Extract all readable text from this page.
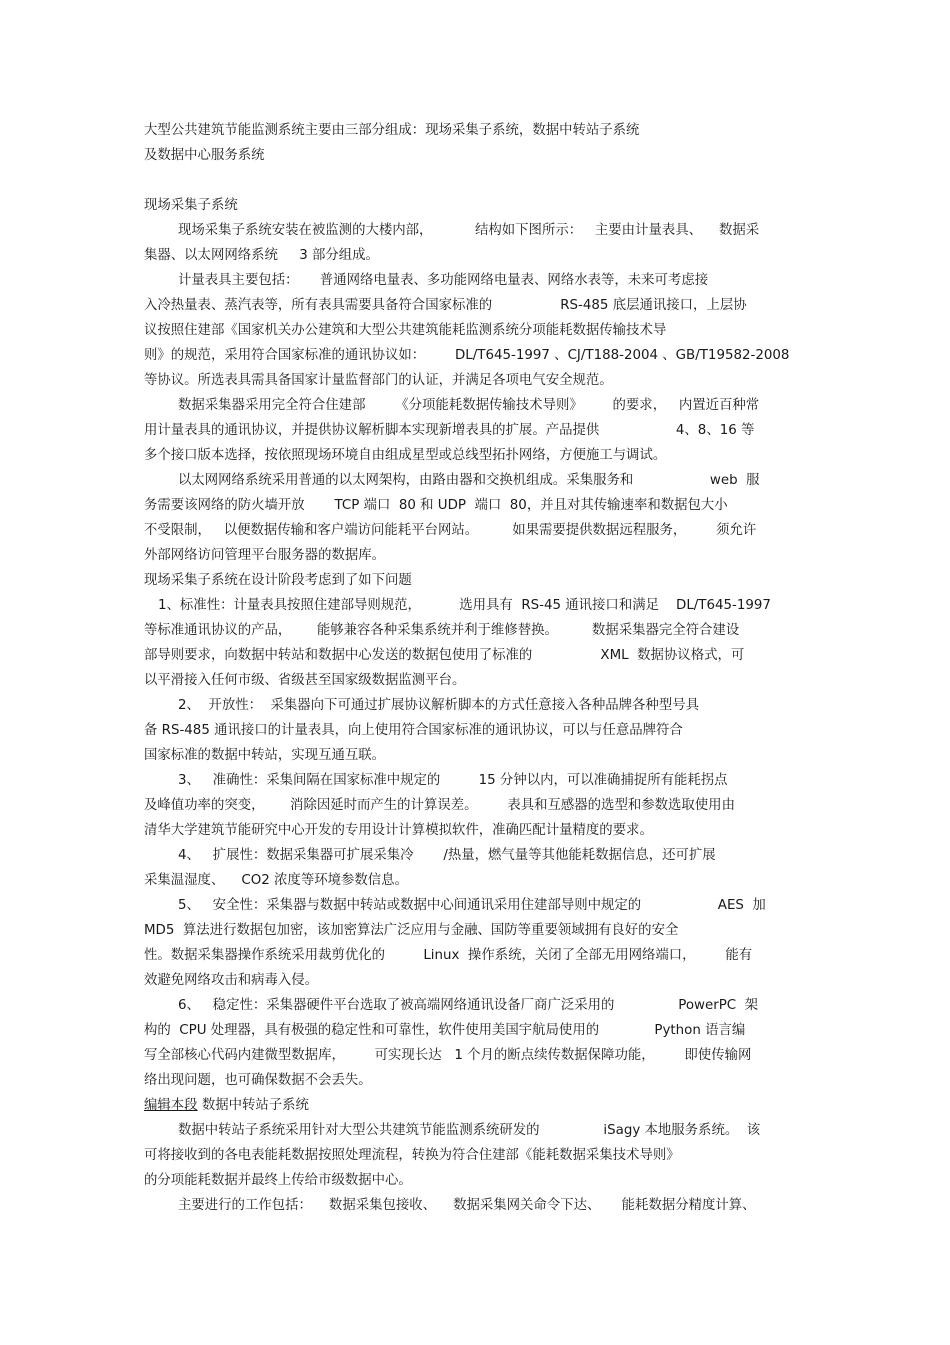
大型公共建筑节能监测系统主要由三部分组成：现场采集子系统，数据中转站子系统
及数据中心服务系统
现场采集子系统
现场采集子系统安装在被监测的大楼内部，          结构如下图所示：   主要由计量表具、    数据采
集器、以太网网络系统     3 部分组成。
计量表具主要包括：     普通网络电量表、多功能网络电量表、网络水表等，未来可考虑接
入冷热量表、蒸汽表等，所有表具需要具备符合国家标准的                RS-485 底层通讯接口，上层协
议按照住建部《国家机关办公建筑和大型公共建筑能耗监测系统分项能耗数据传输技术导
则》的规范，采用符合国家标准的通讯协议如：       DL/T645-1997 、CJ/T188-2004 、GB/T19582-2008
等协议。所选表具需具备国家计量监督部门的认证，并满足各项电气安全规范。
数据采集器采用完全符合住建部       《分项能耗数据传输技术导则》       的要求，   内置近百种常
用计量表具的通讯协议，并提供协议解析脚本实现新增表具的扩展。产品提供                  4、8、16 等
多个接口版本选择，按依照现场环境自由组成星型或总线型拓扑网络，方便施工与调试。
以太网网络系统采用普通的以太网架构，由路由器和交换机组成。采集服务和                  web  服
务需要该网络的防火墙开放       TCP 端口  80 和 UDP  端口  80，并且对其传输速率和数据包大小
不受限制，   以便数据传输和客户端访问能耗平台网站。        如果需要提供数据远程服务，       须允许
外部网络访问管理平台服务器的数据库。
现场采集子系统在设计阶段考虑到了如下问题
1、标准性：计量表具按照住建部导则规范，         选用具有  RS-45 通讯接口和满足    DL/T645-1997
等标准通讯协议的产品，      能够兼容各种采集系统并利于维修替换。        数据采集器完全符合建设
部导则要求，向数据中转站和数据中心发送的数据包使用了标准的                XML  数据协议格式，可
以平滑接入任何市级、省级甚至国家级数据监测平台。
2、  开放性：  采集器向下可通过扩展协议解析脚本的方式任意接入各种品牌各种型号具
备 RS-485 通讯接口的计量表具，向上使用符合国家标准的通讯协议，可以与任意品牌符合
国家标准的数据中转站，实现互通互联。
3、   准确性：采集间隔在国家标准中规定的         15 分钟以内，可以准确捕捉所有能耗拐点
及峰值功率的突变，      消除因延时而产生的计算误差。       表具和互感器的选型和参数选取使用由
清华大学建筑节能研究中心开发的专用设计计算模拟软件，准确匹配计量精度的要求。
4、   扩展性：数据采集器可扩展采集冷       /热量，燃气量等其他能耗数据信息，还可扩展
采集温湿度、    CO2 浓度等环境参数信息。
5、   安全性：采集器与数据中转站或数据中心间通讯采用住建部导则中规定的                  AES  加
MD5  算法进行数据包加密，该加密算法广泛应用与金融、国防等重要领域拥有良好的安全
性。数据采集器操作系统采用裁剪优化的         Linux  操作系统，关闭了全部无用网络端口，       能有
效避免网络攻击和病毒入侵。
6、   稳定性：采集器硬件平台选取了被高端网络通讯设备厂商广泛采用的               PowerPC  架
构的  CPU 处理器，具有极强的稳定性和可靠性，软件使用美国宇航局使用的             Python 语言编
写全部核心代码内建微型数据库，       可实现长达   1 个月的断点续传数据保障功能，       即使传输网
络出现问题，也可确保数据不会丢失。
编辑本段 数据中转站子系统
数据中转站子系统采用针对大型公共建筑节能监测系统研发的               iSagy 本地服务系统。  该
可将接收到的各电表能耗数据按照处理流程，转换为符合住建部《能耗数据采集技术导则》
的分项能耗数据并最终上传给市级数据中心。
主要进行的工作包括：    数据采集包接收、    数据采集网关命令下达、     能耗数据分精度计算、
